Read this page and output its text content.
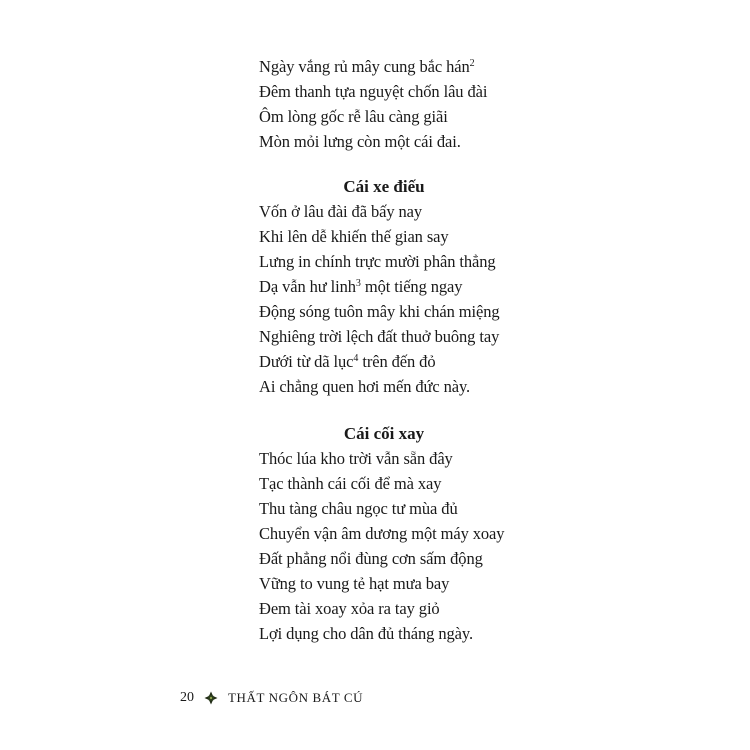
Ngày vắng rủ mây cung bắc hán$^2$
Đêm thanh tựa nguyệt chốn lâu đài
Ôm lòng gốc rễ lâu càng giãi
Mòn mỏi lưng còn một cái đai.
Cái xe điếu
Vốn ở lâu đài đã bấy nay
Khi lên dễ khiến thế gian say
Lưng in chính trực mười phân thẳng
Dạ vẫn hư linh$^3$ một tiếng ngay
Động sóng tuôn mây khi chán miệng
Nghiêng trời lệch đất thuở buông tay
Dưới từ dã lục$^4$ trên đến đỏ
Ai chẳng quen hơi mến đức này.
Cái cối xay
Thóc lúa kho trời vẫn sẵn đây
Tạc thành cái cối để mà xay
Thu tàng châu ngọc tư mùa đủ
Chuyển vận âm dương một máy xoay
Đất phẳng nổi đùng cơn sấm động
Vững to vung tẻ hạt mưa bay
Đem tài xoay xỏa ra tay giỏ
Lợi dụng cho dân đủ tháng ngày.
20	THẤT NGÔN BÁT CÚ
